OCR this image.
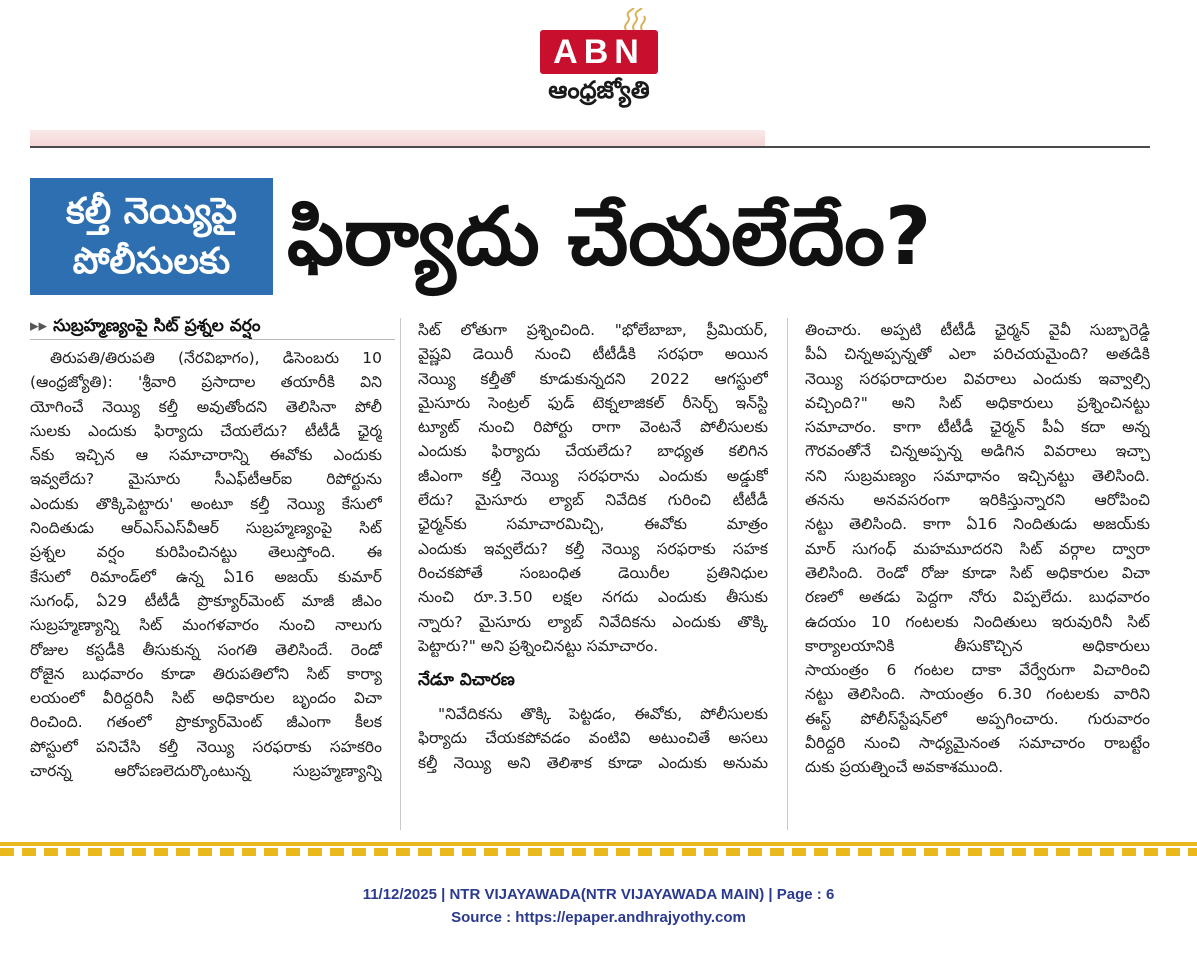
ABN
ఆంధ్రజ్యోతి
కల్తీ నెయ్యిపై
పోలీసులకు ఫిర్యాదు చేయలేదేం?
▸▸ సుబ్రహ్మణ్యంపై సిట్ ప్రశ్నల వర్షం
తిరుపతి/తిరుపతి (నేరవిభాగం), డిసెంబరు 10
(ఆంధ్రజ్యోతి): 'శ్రీవారి ప్రసాదాల తయారీకి విని
యోగించే నెయ్యి కల్తీ అవుతోందని తెలిసినా పోలీ
సులకు ఎందుకు ఫిర్యాదు చేయలేదు? టీటీడీ ఛైర్మ
న్‌కు ఇచ్చిన ఆ సమాచారాన్ని ఈవోకు ఎందుకు
ఇవ్వలేదు? మైసూరు సీఎఫ్‌టీఆర్ఐ రిపోర్టును
ఎందుకు తొక్కిపెట్టారు' అంటూ కల్తీ నెయ్యి కేసులో
నిందితుడు ఆర్‌ఎస్‌ఎస్‌వీఆర్ సుబ్రహ్మణ్యంపై సిట్
ప్రశ్నల వర్షం కురిపించినట్టు తెలుస్తోంది. ఈ
కేసులో రిమాండ్‌లో ఉన్న ఏ16 అజయ్ కుమార్
సుగంధ్, ఏ29 టీటీడీ ప్రొక్యూర్‌మెంట్ మాజీ జీఎం
సుబ్రహ్మణ్యాన్ని సిట్ మంగళవారం నుంచి నాలుగు
రోజుల కస్టడీకి తీసుకున్న సంగతి తెలిసిందే. రెండో
రోజైన బుధవారం కూడా తిరుపతిలోని సిట్ కార్యా
లయంలో వీరిద్దరినీ సిట్ అధికారుల బృందం విచా
రించింది. గతంలో ప్రొక్యూర్‌మెంట్ జీఎంగా కీలక
పోస్టులో పనిచేసి కల్తీ నెయ్యి సరఫరాకు సహకరిం
చారన్న ఆరోపణలెదుర్కొంటున్న సుబ్రహ్మణ్యాన్ని
సిట్ లోతుగా ప్రశ్నించింది. "భోలేబాబా, ప్రీమియర్,
వైష్ణవి డెయిరీ నుంచి టీటీడీకి సరఫరా అయిన
నెయ్యి కల్తీతో కూడుకున్నదని 2022 ఆగస్టులో
మైసూరు సెంట్రల్ ఫుడ్ టెక్నలాజికల్ రీసెర్చ్ ఇన్‌స్టి
ట్యూట్ నుంచి రిపోర్టు రాగా వెంటనే పోలీసులకు
ఎందుకు ఫిర్యాదు చేయలేదు? బాధ్యత కలిగిన
జీఎంగా కల్తీ నెయ్యి సరఫరాను ఎందుకు అడ్డుకో
లేదు? మైసూరు ల్యాబ్ నివేదిక గురించి టీటీడీ
ఛైర్మన్‌కు సమాచారమిచ్చి, ఈవోకు మాత్రం
ఎందుకు ఇవ్వలేదు? కల్తీ నెయ్యి సరఫరాకు సహక
రించకపోతే సంబంధిత డెయిరీల ప్రతినిధుల
నుంచి రూ.3.50 లక్షల నగదు ఎందుకు తీసుకు
న్నారు? మైసూరు ల్యాబ్ నివేదికను ఎందుకు తొక్కి
పెట్టారు?" అని ప్రశ్నించినట్టు సమాచారం.
నేడూ విచారణ
"నివేదికను తొక్కి పెట్టడం, ఈవోకు, పోలీసులకు
ఫిర్యాదు చేయకపోవడం వంటివి అటుంచితే అసలు
కల్తీ నెయ్యి అని తెలిశాక కూడా ఎందుకు అనుమ
తించారు. అప్పటి టీటీడీ ఛైర్మన్ వైవీ సుబ్బారెడ్డి
పీఏ చిన్నఅప్పన్నతో ఎలా పరిచయమైంది? అతడికి
నెయ్యి సరఫరాదారుల వివరాలు ఎందుకు ఇవ్వాల్సి
వచ్చింది?" అని సిట్ అధికారులు ప్రశ్నించినట్టు
సమాచారం. కాగా టీటీడీ ఛైర్మన్ పీఏ కదా అన్న
గౌరవంతోనే చిన్నఅప్పన్న అడిగిన వివరాలు ఇచ్చా
నని సుబ్రమణ్యం సమాధానం ఇచ్చినట్టు తెలిసింది.
తనను అనవసరంగా ఇరికిస్తున్నారని ఆరోపించి
నట్టు తెలిసింది. కాగా ఏ16 నిందితుడు అజయ్‌కు
మార్ సుగంధ్ మహమూదరని సిట్ వర్గాల ద్వారా
తెలిసింది. రెండో రోజు కూడా సిట్ అధికారుల విచా
రణలో అతడు పెద్దగా నోరు విప్పలేదు. బుధవారం
ఉదయం 10 గంటలకు నిందితులు ఇరువురినీ సిట్
కార్యాలయానికి తీసుకొచ్చిన అధికారులు
సాయంత్రం 6 గంటల దాకా వేర్వేరుగా విచారించి
నట్టు తెలిసింది. సాయంత్రం 6.30 గంటలకు వారిని
ఈస్ట్ పోలీస్‌స్టేషన్‌లో అప్పగించారు. గురువారం
వీరిద్దరి నుంచి సాధ్యమైనంత సమాచారం రాబట్టేం
దుకు ప్రయత్నించే అవకాశముంది.
11/12/2025 | NTR VIJAYAWADA(NTR VIJAYAWADA MAIN) | Page : 6
Source : https://epaper.andhrajyothy.com
